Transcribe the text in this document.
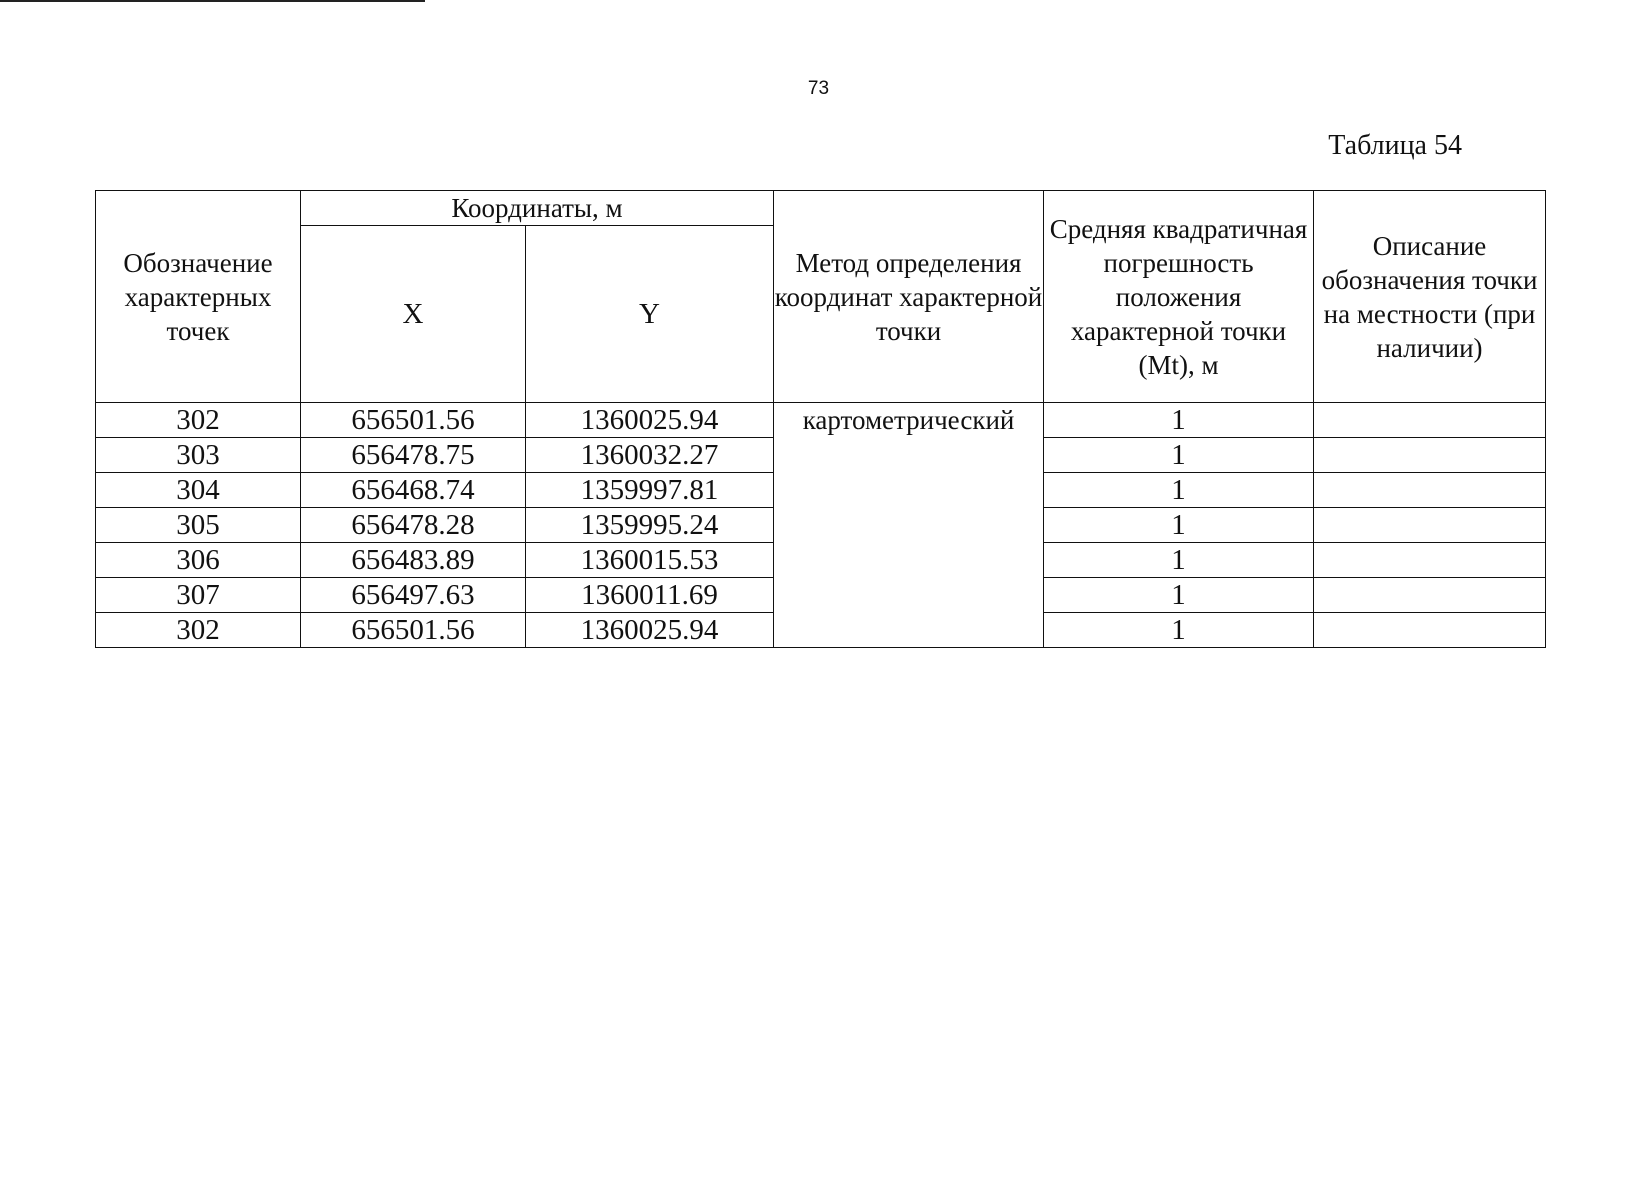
73
Таблица 54
Обозначение характерных точек	Координаты, м		Метод определения координат характерной точки	Средняя квадратичная погрешность положения характерной точки (Mt), м	Описание обозначения точки на местности (при наличии)
	X	Y			
302	656501.56	1360025.94	картометрический	1	
303	656478.75	1360032.27		1	
304	656468.74	1359997.81		1	
305	656478.28	1359995.24		1	
306	656483.89	1360015.53		1	
307	656497.63	1360011.69		1	
302	656501.56	1360025.94		1	
